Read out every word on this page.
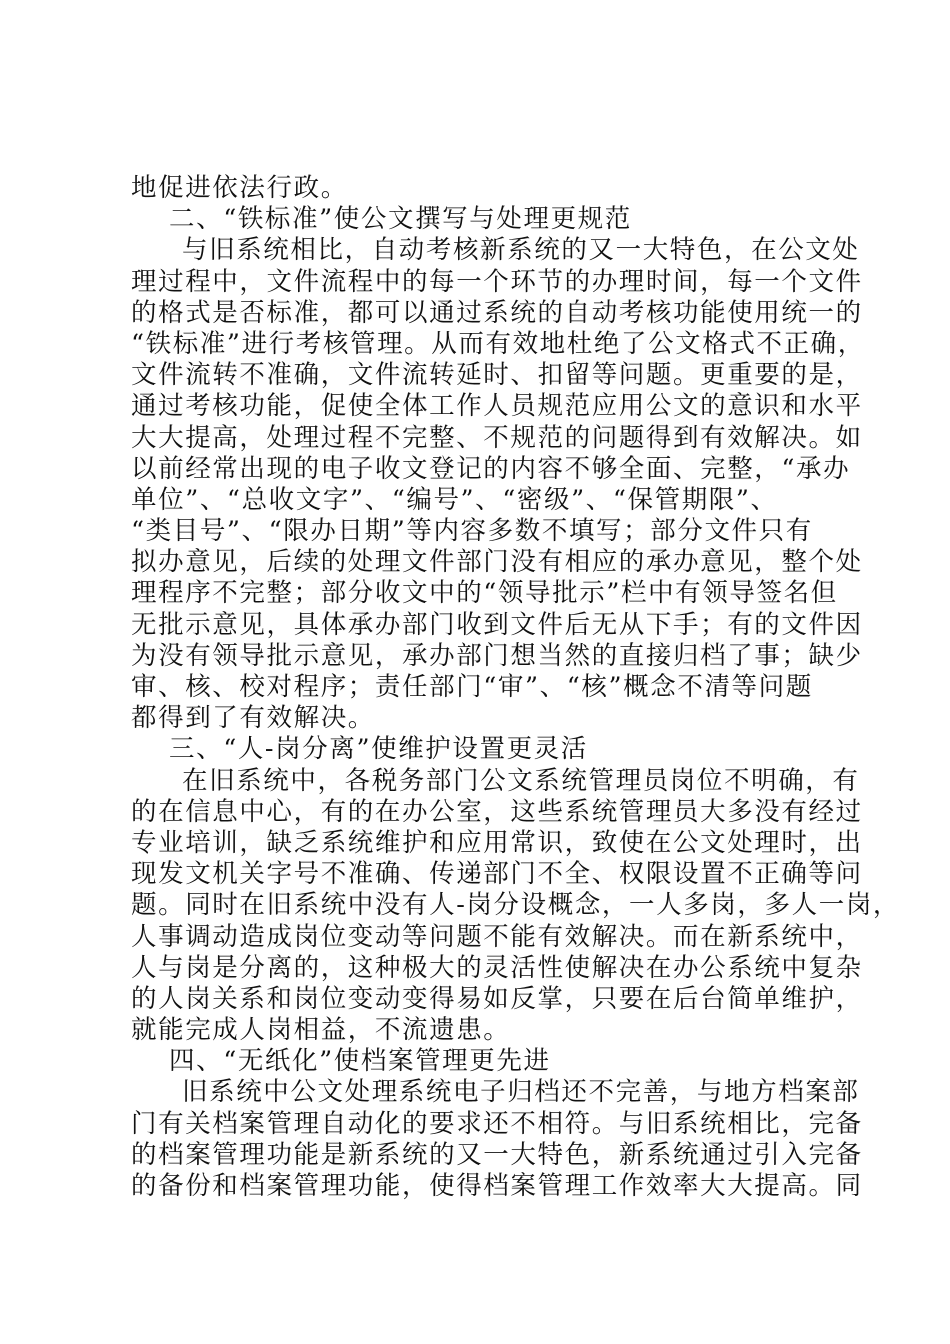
地促进依法行政。
二、“铁标准”使公文撰写与处理更规范
与旧系统相比，自动考核新系统的又一大特色，在公文处
理过程中，文件流程中的每一个环节的办理时间，每一个文件
的格式是否标准，都可以通过系统的自动考核功能使用统一的
“铁标准”进行考核管理。从而有效地杜绝了公文格式不正确，
文件流转不准确，文件流转延时、扣留等问题。更重要的是，
通过考核功能，促使全体工作人员规范应用公文的意识和水平
大大提高，处理过程不完整、不规范的问题得到有效解决。如
以前经常出现的电子收文登记的内容不够全面、完整，“承办
单位”、“总收文字”、“编号”、“密级”、“保管期限”、
“类目号”、“限办日期”等内容多数不填写；部分文件只有
拟办意见，后续的处理文件部门没有相应的承办意见，整个处
理程序不完整；部分收文中的“领导批示”栏中有领导签名但
无批示意见，具体承办部门收到文件后无从下手；有的文件因
为没有领导批示意见，承办部门想当然的直接归档了事；缺少
审、核、校对程序；责任部门“审”、“核”概念不清等问题
都得到了有效解决。
三、“人-岗分离”使维护设置更灵活
在旧系统中，各税务部门公文系统管理员岗位不明确，有
的在信息中心，有的在办公室，这些系统管理员大多没有经过
专业培训，缺乏系统维护和应用常识，致使在公文处理时，出
现发文机关字号不准确、传递部门不全、权限设置不正确等问
题。同时在旧系统中没有人-岗分设概念，一人多岗，多人一岗，
人事调动造成岗位变动等问题不能有效解决。而在新系统中，
人与岗是分离的，这种极大的灵活性使解决在办公系统中复杂
的人岗关系和岗位变动变得易如反掌，只要在后台简单维护，
就能完成人岗相益，不流遗患。
四、“无纸化”使档案管理更先进
旧系统中公文处理系统电子归档还不完善，与地方档案部
门有关档案管理自动化的要求还不相符。与旧系统相比，完备
的档案管理功能是新系统的又一大特色，新系统通过引入完备
的备份和档案管理功能，使得档案管理工作效率大大提高。同
